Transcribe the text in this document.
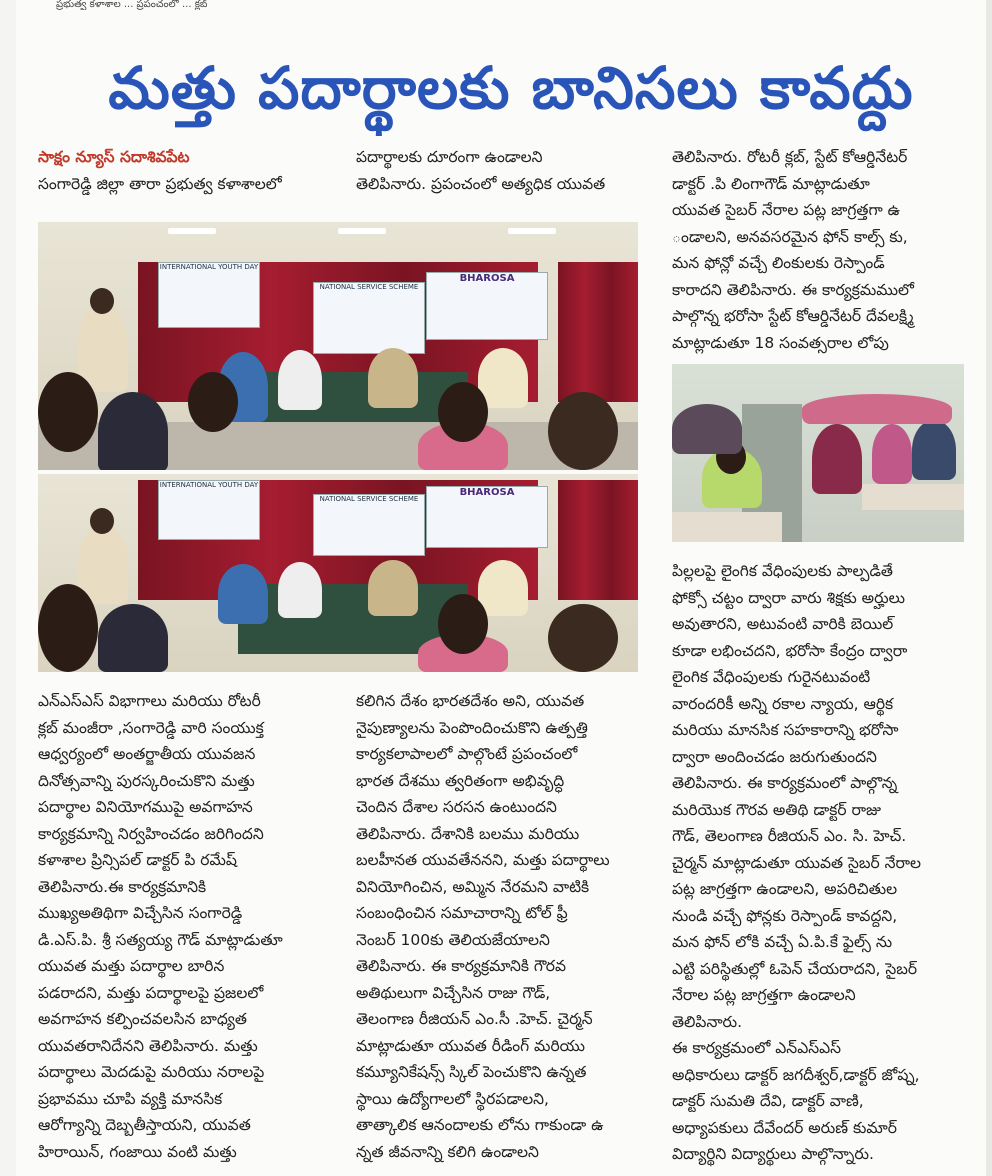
ప్రభుత్వ కళాశాల ... ప్రపంచంలో ... క్లబ్
మత్తు పదార్థాలకు బానిసలు కావద్దు
సాక్షం న్యూస్ సదాశివపేట
సంగారెడ్డి జిల్లా తారా ప్రభుత్వ కళాశాలలో
పదార్థాలకు దూరంగా ఉండాలని
తెలిపినారు. ప్రపంచంలో అత్యధిక యువత
తెలిపినారు. రోటరీ క్లబ్, స్టేట్ కోఆర్డినేటర్
డాక్టర్ .పి లింగాగౌడ్ మాట్లాడుతూ
యువత సైబర్ నేరాల పట్ల జాగ్రత్తగా ఉ
ండాలని, అనవసరమైన ఫోన్ కాల్స్ కు,
మన ఫోన్లో వచ్చే లింకులకు రెస్పాండ్
కారాదని తెలిపినారు. ఈ కార్యక్రమములో
పాల్గొన్న భరోసా స్టేట్ కోఆర్డినేటర్ దేవలక్ష్మి
మాట్లాడుతూ 18 సంవత్సరాల లోపు
INTERNATIONAL YOUTH DAY
NATIONAL SERVICE SCHEME
BHAROSA
INTERNATIONAL YOUTH DAY
NATIONAL SERVICE SCHEME
BHAROSA
ఎన్ఎస్ఎస్ విభాగాలు మరియు రోటరీ
క్లబ్ మంజీరా ,సంగారెడ్డి వారి సంయుక్త
ఆధ్వర్యంలో అంతర్జాతీయ యువజన
దినోత్సవాన్ని పురస్కరించుకొని మత్తు
పదార్థాల వినియోగముపై అవగాహన
కార్యక్రమాన్ని నిర్వహించడం జరిగిందని
కళాశాల ప్రిన్సిపల్ డాక్టర్ పి రమేష్
తెలిపినారు.ఈ కార్యక్రమానికి
ముఖ్యఅతిథిగా విచ్చేసిన సంగారెడ్డి
డి.ఎస్.పి. శ్రీ సత్యయ్య గౌడ్ మాట్లాడుతూ
యువత మత్తు పదార్థాల బారిన
పడరాదని, మత్తు పదార్థాలపై ప్రజలలో
అవగాహన కల్పించవలసిన బాధ్యత
యువతరానిదేనని తెలిపినారు. మత్తు
పదార్థాలు మెదడుపై మరియు నరాలపై
ప్రభావము చూపి వ్యక్తి మానసిక
ఆరోగ్యాన్ని దెబ్బతీస్తాయని, యువత
హిరాయిన్, గంజాయి వంటి మత్తు
కలిగిన దేశం భారతదేశం అని, యువత
నైపుణ్యాలను పెంపొందించుకొని ఉత్పత్తి
కార్యకలాపాలలో పాల్గొంటే ప్రపంచంలో
భారత దేశము త్వరితంగా అభివృద్ధి
చెందిన దేశాల సరసన ఉంటుందని
తెలిపినారు. దేశానికి బలము మరియు
బలహీనత యువతేననని, మత్తు పదార్థాలు
వినియోగించిన, అమ్మిన నేరమని వాటికి
సంబంధించిన సమాచారాన్ని టోల్ ఫ్రీ
నెంబర్ 100కు తెలియజేయాలని
తెలిపినారు. ఈ కార్యక్రమానికి గౌరవ
అతిథులుగా విచ్చేసిన రాజు గౌడ్,
తెలంగాణ రీజియన్ ఎం.సీ .హెచ్. చైర్మన్
మాట్లాడుతూ యువత రీడింగ్ మరియు
కమ్యూనికేషన్స్ స్కిల్ పెంచుకొని ఉన్నత
స్థాయి ఉద్యోగాలలో స్థిరపడాలని,
తాత్కాలిక ఆనందాలకు లోను గాకుండా ఉ
న్నత జీవనాన్ని కలిగి ఉండాలని
పిల్లలపై లైంగిక వేధింపులకు పాల్పడితే
ఫోక్సో చట్టం ద్వారా వారు శిక్షకు అర్హులు
అవుతారని, అటువంటి వారికి బెయిల్
కూడా లభించదని, భరోసా కేంద్రం ద్వారా
లైంగిక వేధింపులకు గురైనటువంటి
వారందరికీ అన్ని రకాల న్యాయ, ఆర్థిక
మరియు మానసిక సహకారాన్ని భరోసా
ద్వారా అందించడం జరుగుతుందని
తెలిపినారు. ఈ కార్యక్రమంలో పాల్గొన్న
మరియొక గౌరవ అతిథి డాక్టర్ రాజు
గౌడ్, తెలంగాణ రీజియన్ ఎం. సి. హెచ్.
చైర్మన్ మాట్లాడుతూ యువత సైబర్ నేరాల
పట్ల జాగ్రత్తగా ఉండాలని, అపరిచితుల
నుండి వచ్చే ఫోన్లకు రెస్పాండ్ కావద్దని,
మన ఫోన్ లోకి వచ్చే ఏ.పి.కే ఫైల్స్ ను
ఎట్టి పరిస్థితుల్లో ఓపెన్ చేయరాదని, సైబర్
నేరాల పట్ల జాగ్రత్తగా ఉండాలని
తెలిపినారు.
ఈ కార్యక్రమంలో ఎన్ఎస్ఎస్
అధికారులు డాక్టర్ జగదీశ్వర్,డాక్టర్ జోష్న,
డాక్టర్ సుమతి దేవి, డాక్టర్ వాణి,
అధ్యాపకులు దేవేందర్ అరుణ్ కుమార్
విద్యార్థిని విద్యార్థులు పాల్గొన్నారు.
